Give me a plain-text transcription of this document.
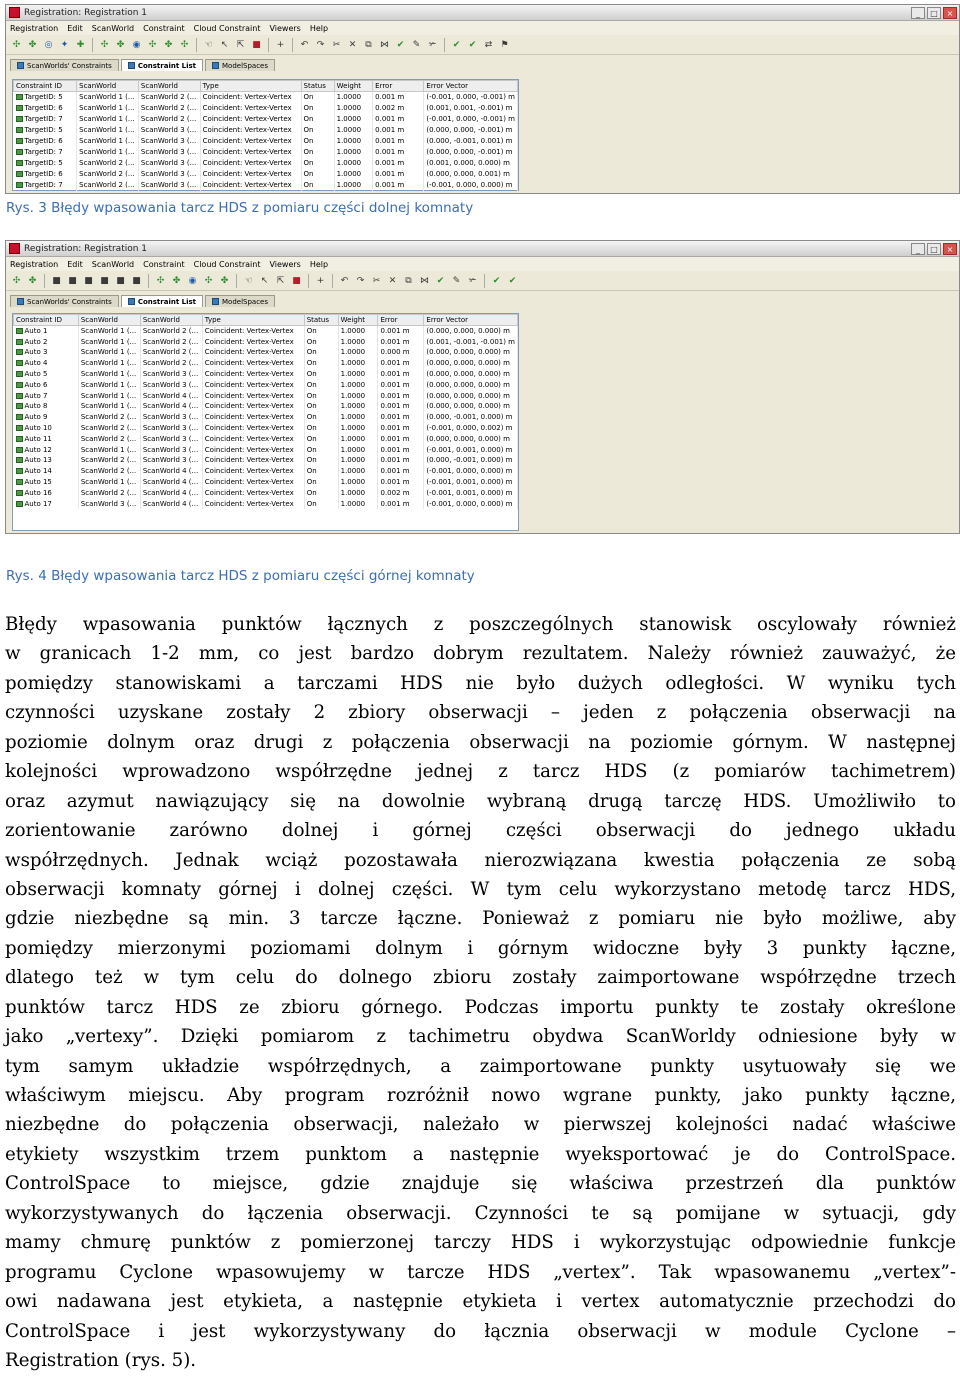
Registration: Registration 1	_	□	×
Registration Edit ScanWorld Constraint Cloud Constraint Viewers Help
✣ ✤ ◎ ✦ ✚	✣ ✤ ◉ ✣ ✤ ✣	☜ ↖ ⇱ ■	+	↶ ↷ ✂ ✕	⧉ ⋈ ✔ ✎ ✃	✔ ✔ ⇄ ⚑
ScanWorlds' Constraints	Constraint List	ModelSpaces
Constraint ID	ScanWorld	ScanWorld	Type	Status	Weight	Error	Error Vector
TargetID: 5	ScanWorld 1 (...	ScanWorld 2 (...	Coincident: Vertex-Vertex	On	1.0000	0.001 m	(-0.001, 0.000, -0.001) m
TargetID: 6	ScanWorld 1 (...	ScanWorld 2 (...	Coincident: Vertex-Vertex	On	1.0000	0.002 m	(0.001, 0.001, -0.001) m
TargetID: 7	ScanWorld 1 (...	ScanWorld 2 (...	Coincident: Vertex-Vertex	On	1.0000	0.001 m	(-0.001, 0.000, -0.001) m
TargetID: 5	ScanWorld 1 (...	ScanWorld 3 (...	Coincident: Vertex-Vertex	On	1.0000	0.001 m	(0.000, 0.000, -0.001) m
TargetID: 6	ScanWorld 1 (...	ScanWorld 3 (...	Coincident: Vertex-Vertex	On	1.0000	0.001 m	(0.000, -0.001, 0.001) m
TargetID: 7	ScanWorld 1 (...	ScanWorld 3 (...	Coincident: Vertex-Vertex	On	1.0000	0.001 m	(0.000, 0.000, -0.001) m
TargetID: 5	ScanWorld 2 (...	ScanWorld 3 (...	Coincident: Vertex-Vertex	On	1.0000	0.001 m	(0.001, 0.000, 0.000) m
TargetID: 6	ScanWorld 2 (...	ScanWorld 3 (...	Coincident: Vertex-Vertex	On	1.0000	0.001 m	(0.000, 0.000, 0.001) m
TargetID: 7	ScanWorld 2 (...	ScanWorld 3 (...	Coincident: Vertex-Vertex	On	1.0000	0.001 m	(-0.001, 0.000, 0.000) m
Rys. 3 Błędy wpasowania tarcz HDS z pomiaru części dolnej komnaty
Registration: Registration 1	_	□	×
Registration Edit ScanWorld Constraint Cloud Constraint Viewers Help
✣ ✤	■ ■ ■ ■ ■ ■	✣ ✤ ◉ ✣ ✤	☜ ↖ ⇱ ■	+	↶ ↷ ✂ ✕	⧉ ⋈ ✔ ✎ ✃	✔ ✔
ScanWorlds' Constraints	Constraint List	ModelSpaces
Constraint ID	ScanWorld	ScanWorld	Type	Status	Weight	Error	Error Vector
Auto 1	ScanWorld 1 (...	ScanWorld 2 (...	Coincident: Vertex-Vertex	On	1.0000	0.001 m	(0.000, 0.000, 0.000) m
Auto 2	ScanWorld 1 (...	ScanWorld 2 (...	Coincident: Vertex-Vertex	On	1.0000	0.001 m	(0.001, -0.001, -0.001) m
Auto 3	ScanWorld 1 (...	ScanWorld 2 (...	Coincident: Vertex-Vertex	On	1.0000	0.000 m	(0.000, 0.000, 0.000) m
Auto 4	ScanWorld 1 (...	ScanWorld 2 (...	Coincident: Vertex-Vertex	On	1.0000	0.001 m	(0.000, 0.000, 0.000) m
Auto 5	ScanWorld 1 (...	ScanWorld 3 (...	Coincident: Vertex-Vertex	On	1.0000	0.001 m	(0.000, 0.000, 0.000) m
Auto 6	ScanWorld 1 (...	ScanWorld 3 (...	Coincident: Vertex-Vertex	On	1.0000	0.001 m	(0.000, 0.000, 0.000) m
Auto 7	ScanWorld 1 (...	ScanWorld 4 (...	Coincident: Vertex-Vertex	On	1.0000	0.001 m	(0.000, 0.000, 0.000) m
Auto 8	ScanWorld 1 (...	ScanWorld 4 (...	Coincident: Vertex-Vertex	On	1.0000	0.001 m	(0.000, 0.000, 0.000) m
Auto 9	ScanWorld 2 (...	ScanWorld 3 (...	Coincident: Vertex-Vertex	On	1.0000	0.001 m	(0.000, -0.001, 0.000) m
Auto 10	ScanWorld 2 (...	ScanWorld 3 (...	Coincident: Vertex-Vertex	On	1.0000	0.001 m	(-0.001, 0.000, 0.002) m
Auto 11	ScanWorld 2 (...	ScanWorld 3 (...	Coincident: Vertex-Vertex	On	1.0000	0.001 m	(0.000, 0.000, 0.000) m
Auto 12	ScanWorld 1 (...	ScanWorld 3 (...	Coincident: Vertex-Vertex	On	1.0000	0.001 m	(-0.001, 0.001, 0.000) m
Auto 13	ScanWorld 2 (...	ScanWorld 3 (...	Coincident: Vertex-Vertex	On	1.0000	0.001 m	(0.000, -0.001, 0.000) m
Auto 14	ScanWorld 2 (...	ScanWorld 4 (...	Coincident: Vertex-Vertex	On	1.0000	0.001 m	(-0.001, 0.000, 0.000) m
Auto 15	ScanWorld 1 (...	ScanWorld 4 (...	Coincident: Vertex-Vertex	On	1.0000	0.001 m	(-0.001, 0.001, 0.000) m
Auto 16	ScanWorld 2 (...	ScanWorld 4 (...	Coincident: Vertex-Vertex	On	1.0000	0.002 m	(-0.001, 0.001, 0.000) m
Auto 17	ScanWorld 3 (...	ScanWorld 4 (...	Coincident: Vertex-Vertex	On	1.0000	0.001 m	(-0.001, 0.000, 0.000) m
Rys. 4 Błędy wpasowania tarcz HDS z pomiaru części górnej komnaty
Błędy wpasowania punktów łącznych z poszczególnych stanowisk oscylowały również
w granicach 1-2 mm, co jest bardzo dobrym rezultatem. Należy również zauważyć, że
pomiędzy stanowiskami a tarczami HDS nie było dużych odległości. W wyniku tych
czynności uzyskane zostały 2 zbiory obserwacji – jeden z połączenia obserwacji na
poziomie dolnym oraz drugi z połączenia obserwacji na poziomie górnym. W następnej
kolejności wprowadzono współrzędne jednej z tarcz HDS (z pomiarów tachimetrem)
oraz azymut nawiązujący się na dowolnie wybraną drugą tarczę HDS. Umożliwiło to
zorientowanie zarówno dolnej i górnej części obserwacji do jednego układu
współrzędnych. Jednak wciąż pozostawała nierozwiązana kwestia połączenia ze sobą
obserwacji komnaty górnej i dolnej części. W tym celu wykorzystano metodę tarcz HDS,
gdzie niezbędne są min. 3 tarcze łączne. Ponieważ z pomiaru nie było możliwe, aby
pomiędzy mierzonymi poziomami dolnym i górnym widoczne były 3 punkty łączne,
dlatego też w tym celu do dolnego zbioru zostały zaimportowane współrzędne trzech
punktów tarcz HDS ze zbioru górnego. Podczas importu punkty te zostały określone
jako „vertexy”. Dzięki pomiarom z tachimetru obydwa ScanWorldy odniesione były w
tym samym układzie współrzędnych, a zaimportowane punkty usytuowały się we
właściwym miejscu. Aby program rozróżnił nowo wgrane punkty, jako punkty łączne,
niezbędne do połączenia obserwacji, należało w pierwszej kolejności nadać właściwe
etykiety wszystkim trzem punktom a następnie wyeksportować je do ControlSpace.
ControlSpace to miejsce, gdzie znajduje się właściwa przestrzeń dla punktów
wykorzystywanych do łączenia obserwacji. Czynności te są pomijane w sytuacji, gdy
mamy chmurę punktów z pomierzonej tarczy HDS i wykorzystując odpowiednie funkcje
programu Cyclone wpasowujemy w tarcze HDS „vertex”. Tak wpasowanemu „vertex”-
owi nadawana jest etykieta, a następnie etykieta i vertex automatycznie przechodzi do
ControlSpace i jest wykorzystywany do łącznia obserwacji w module Cyclone –
Registration (rys. 5).
